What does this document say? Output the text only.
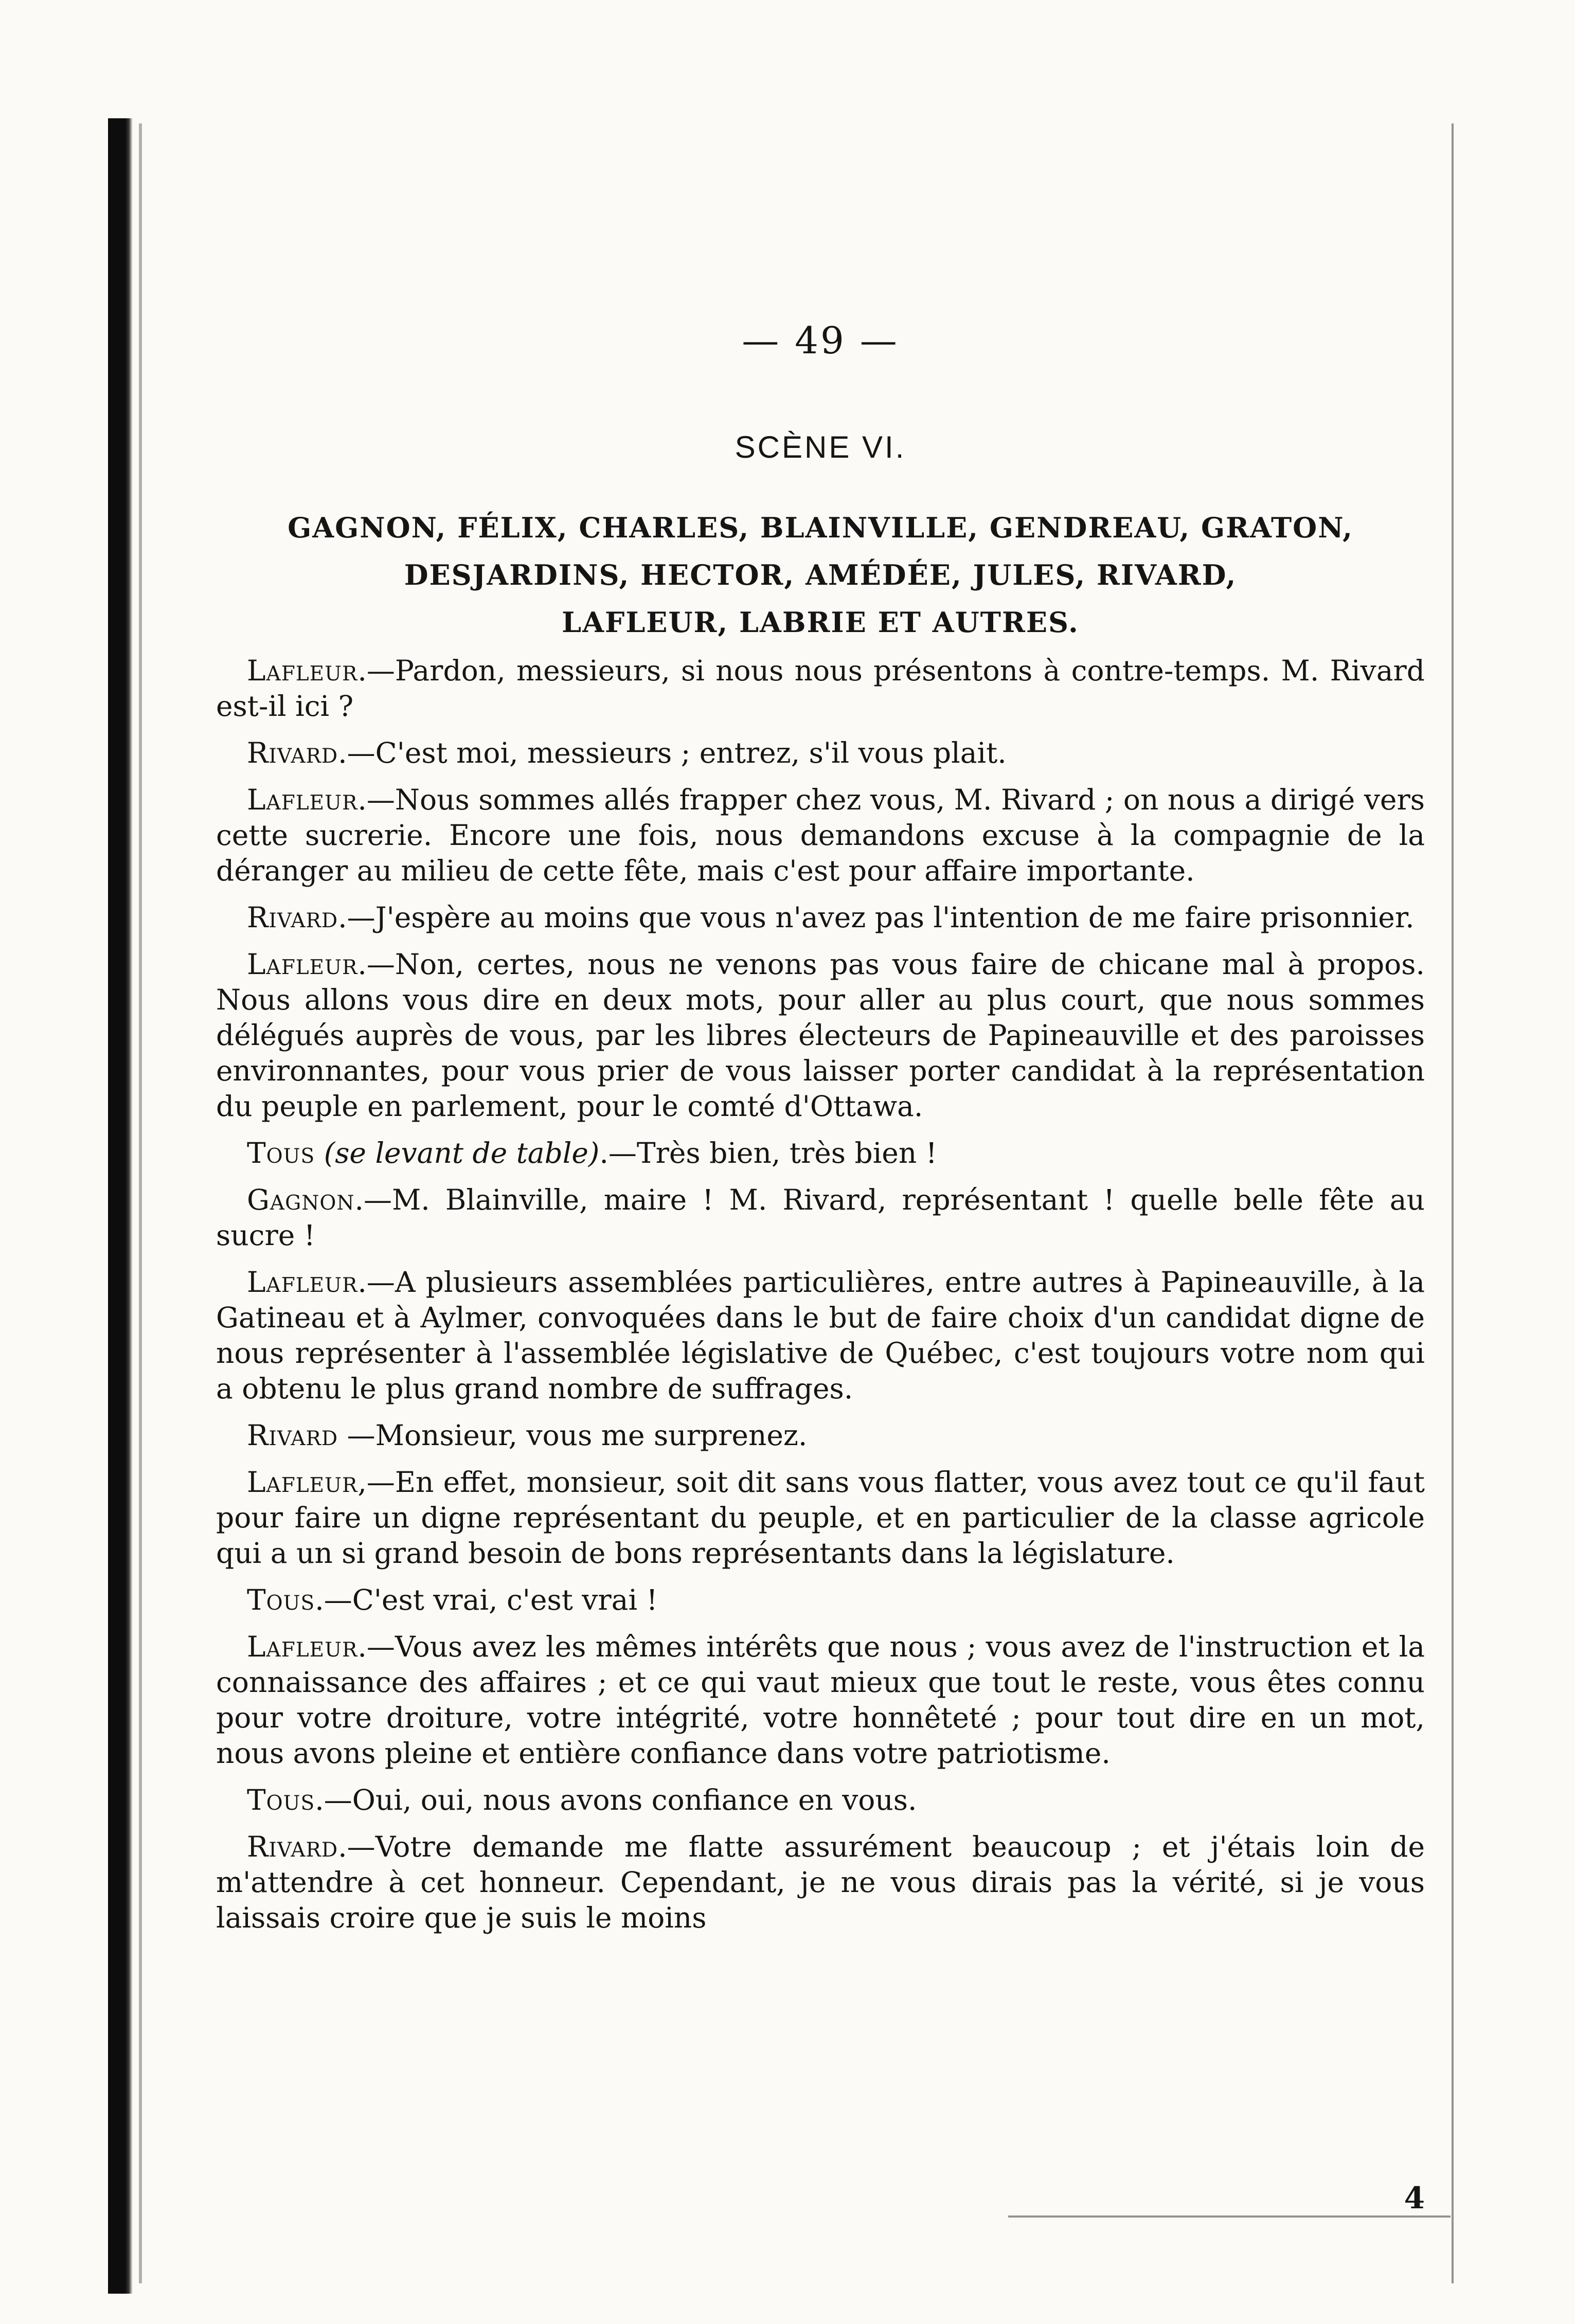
— 49 —
SCÈNE VI.
GAGNON, FÉLIX, CHARLES, BLAINVILLE, GENDREAU, GRATON,
DESJARDINS, HECTOR, AMÉDÉE, JULES, RIVARD,
LAFLEUR, LABRIE ET AUTRES.

Lafleur.—Pardon, messieurs, si nous nous présentons à contre-temps. M. Rivard est-il ici ?

Rivard.—C'est moi, messieurs ; entrez, s'il vous plait.

Lafleur.—Nous sommes allés frapper chez vous, M. Rivard ; on nous a dirigé vers cette sucrerie. Encore une fois, nous demandons excuse à la compagnie de la déranger au milieu de cette fête, mais c'est pour affaire importante.

Rivard.—J'espère au moins que vous n'avez pas l'intention de me faire prisonnier.

Lafleur.—Non, certes, nous ne venons pas vous faire de chicane mal à propos. Nous allons vous dire en deux mots, pour aller au plus court, que nous sommes délégués auprès de vous, par les libres électeurs de Papineauville et des paroisses environnantes, pour vous prier de vous laisser porter candidat à la représentation du peuple en parlement, pour le comté d'Ottawa.

Tous (se levant de table).—Très bien, très bien !

Gagnon.—M. Blainville, maire ! M. Rivard, représentant ! quelle belle fête au sucre !

Lafleur.—A plusieurs assemblées particulières, entre autres à Papineauville, à la Gatineau et à Aylmer, convoquées dans le but de faire choix d'un candidat digne de nous représenter à l'assemblée législative de Québec, c'est toujours votre nom qui a obtenu le plus grand nombre de suffrages.

Rivard —Monsieur, vous me surprenez.

Lafleur,—En effet, monsieur, soit dit sans vous flatter, vous avez tout ce qu'il faut pour faire un digne représentant du peuple, et en particulier de la classe agricole qui a un si grand besoin de bons représentants dans la législature.

Tous.—C'est vrai, c'est vrai !

Lafleur.—Vous avez les mêmes intérêts que nous ; vous avez de l'instruction et la connaissance des affaires ; et ce qui vaut mieux que tout le reste, vous êtes connu pour votre droiture, votre intégrité, votre honnêteté ; pour tout dire en un mot, nous avons pleine et entière confiance dans votre patriotisme.

Tous.—Oui, oui, nous avons confiance en vous.

Rivard.—Votre demande me flatte assurément beaucoup ; et j'étais loin de m'attendre à cet honneur. Cependant, je ne vous dirais pas la vérité, si je vous laissais croire que je suis le moins

4
